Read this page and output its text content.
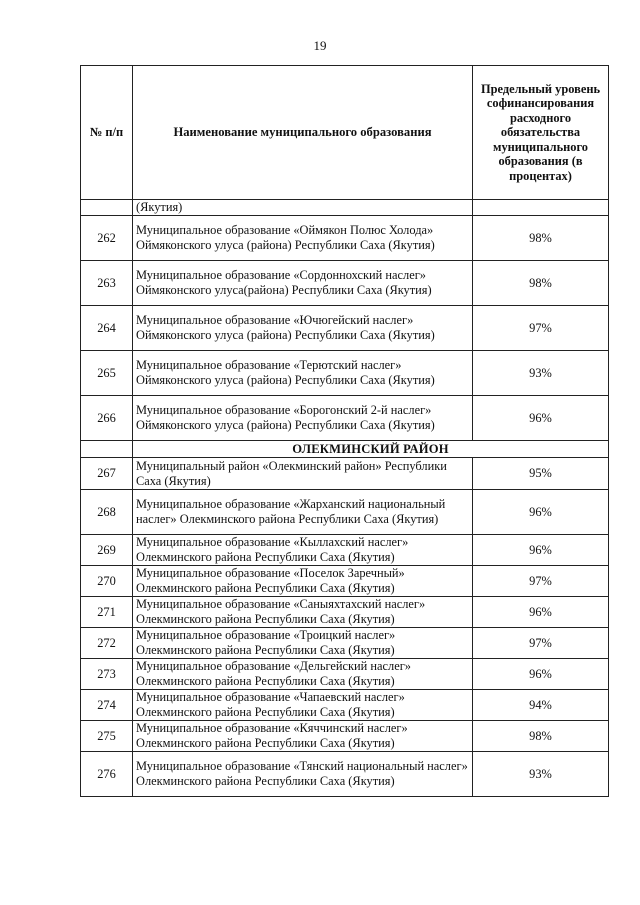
19
№ п/п	Наименование муниципального образования	Предельный уровень софинансирования расходного обязательства муниципального образования (в процентах)
	(Якутия)	
262	Муниципальное образование «Оймякон Полюс Холода» Оймяконского улуса (района) Республики Саха (Якутия)	98%
263	Муниципальное образование «Сордоннохский наслег» Оймяконского улуса(района) Республики Саха (Якутия)	98%
264	Муниципальное образование «Ючюгейский наслег» Оймяконского улуса (района) Республики Саха (Якутия)	97%
265	Муниципальное образование «Терютский наслег» Оймяконского улуса (района) Республики Саха (Якутия)	93%
266	Муниципальное образование «Борогонский 2-й наслег» Оймяконского улуса (района) Республики Саха (Якутия)	96%
	ОЛЕКМИНСКИЙ РАЙОН	
267	Муниципальный район «Олекминский район» Республики Саха (Якутия)	95%
268	Муниципальное образование «Жарханский национальный наслег» Олекминского района Республики Саха (Якутия)	96%
269	Муниципальное образование «Кыллахский наслег» Олекминского района Республики Саха (Якутия)	96%
270	Муниципальное образование «Поселок Заречный» Олекминского района Республики Саха (Якутия)	97%
271	Муниципальное образование «Саныяхтахский наслег» Олекминского района Республики Саха (Якутия)	96%
272	Муниципальное образование «Троицкий наслег» Олекминского района Республики Саха (Якутия)	97%
273	Муниципальное образование «Дельгейский наслег» Олекминского района Республики Саха (Якутия)	96%
274	Муниципальное образование «Чапаевский наслег» Олекминского района Республики Саха (Якутия)	94%
275	Муниципальное образование «Кяччинский наслег» Олекминского района Республики Саха (Якутия)	98%
276	Муниципальное образование «Тянский национальный наслег» Олекминского района Республики Саха (Якутия)	93%
